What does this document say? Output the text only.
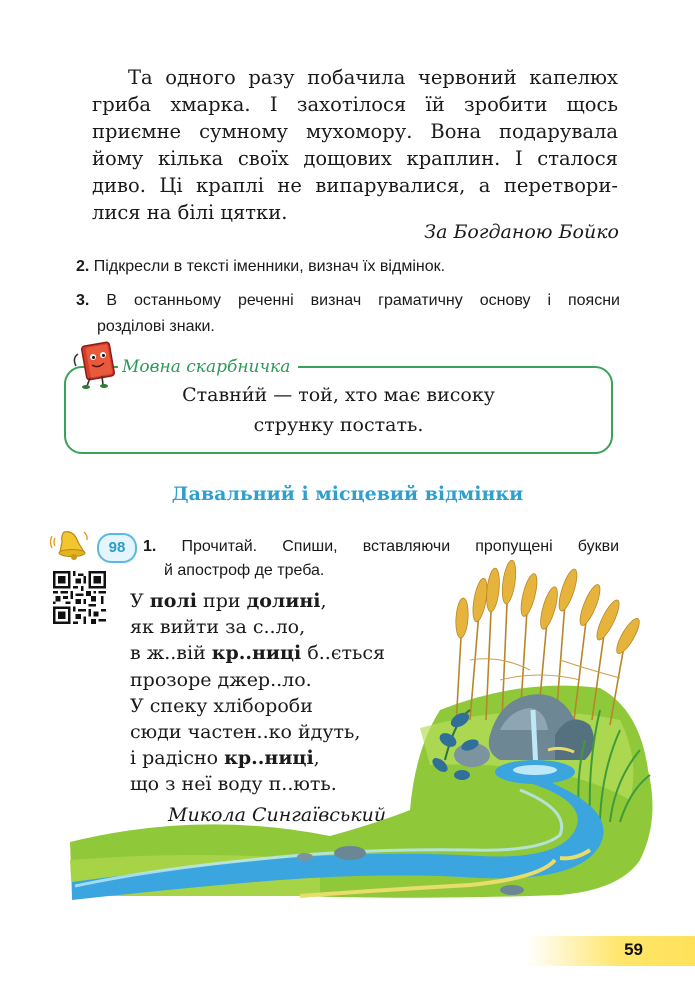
Та одного разу побачила червоний капелюх
гриба хмарка. І захотілося їй зробити щось
приємне сумному мухомору. Вона подарувала
йому кілька своїх дощових краплин. І сталося
диво. Ці краплі не випарувалися, а перетвори-
лися на білі цятки.
За Богданою Бойко
2. Підкресли в тексті іменники, визнач їх відмінок.
3. В останньому реченні визнач граматичну основу і поясни
розділові знаки.
Мовна скарбничка
Ставни́й — той, хто має високу
струнку постать.
Давальний і місцевий відмінки
98	1. Прочитай. Спиши, вставляючи пропущені букви
й апостроф де треба.
У полі при долині,
як вийти за с..ло,
в ж..вій кр..ниці б..ється
прозоре джер..ло.
У спеку хлібороби
сюди частен..ко йдуть,
і радісно кр..ниці,
що з неї воду п..ють.
Микола Сингаївський
59
